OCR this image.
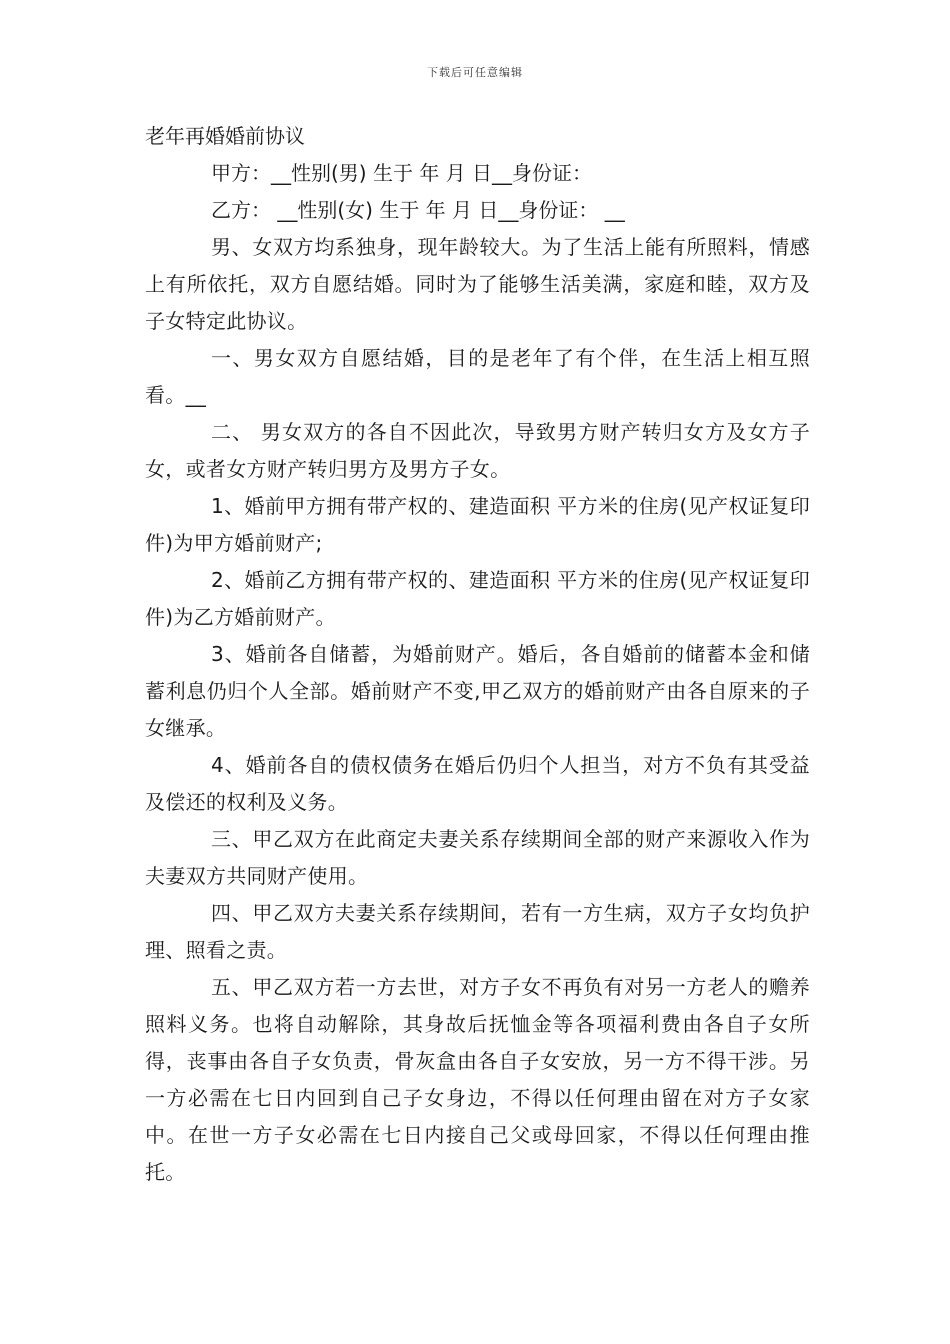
下载后可任意编辑
老年再婚婚前协议

甲方：__性别(男) 生于 年 月 日__身份证：

乙方： __性别(女) 生于 年 月 日__身份证： __

男、女双方均系独身，现年龄较大。为了生活上能有所照料，情感上有所依托，双方自愿结婚。同时为了能够生活美满，家庭和睦，双方及子女特定此协议。

一、男女双方自愿结婚，目的是老年了有个伴，在生活上相互照看。__

二、 男女双方的各自不因此次，导致男方财产转归女方及女方子女，或者女方财产转归男方及男方子女。

1、婚前甲方拥有带产权的、建造面积 平方米的住房(见产权证复印件)为甲方婚前财产;

2、婚前乙方拥有带产权的、建造面积 平方米的住房(见产权证复印件)为乙方婚前财产。

3、婚前各自储蓄，为婚前财产。婚后，各自婚前的储蓄本金和储蓄利息仍归个人全部。婚前财产不变,甲乙双方的婚前财产由各自原来的子女继承。

4、婚前各自的债权债务在婚后仍归个人担当，对方不负有其受益及偿还的权利及义务。

三、甲乙双方在此商定夫妻关系存续期间全部的财产来源收入作为夫妻双方共同财产使用。

四、甲乙双方夫妻关系存续期间，若有一方生病，双方子女均负护理、照看之责。

五、甲乙双方若一方去世，对方子女不再负有对另一方老人的赡养照料义务。也将自动解除，其身故后抚恤金等各项福利费由各自子女所得，丧事由各自子女负责，骨灰盒由各自子女安放，另一方不得干涉。另一方必需在七日内回到自己子女身边，不得以任何理由留在对方子女家中。在世一方子女必需在七日内接自己父或母回家，不得以任何理由推托。
